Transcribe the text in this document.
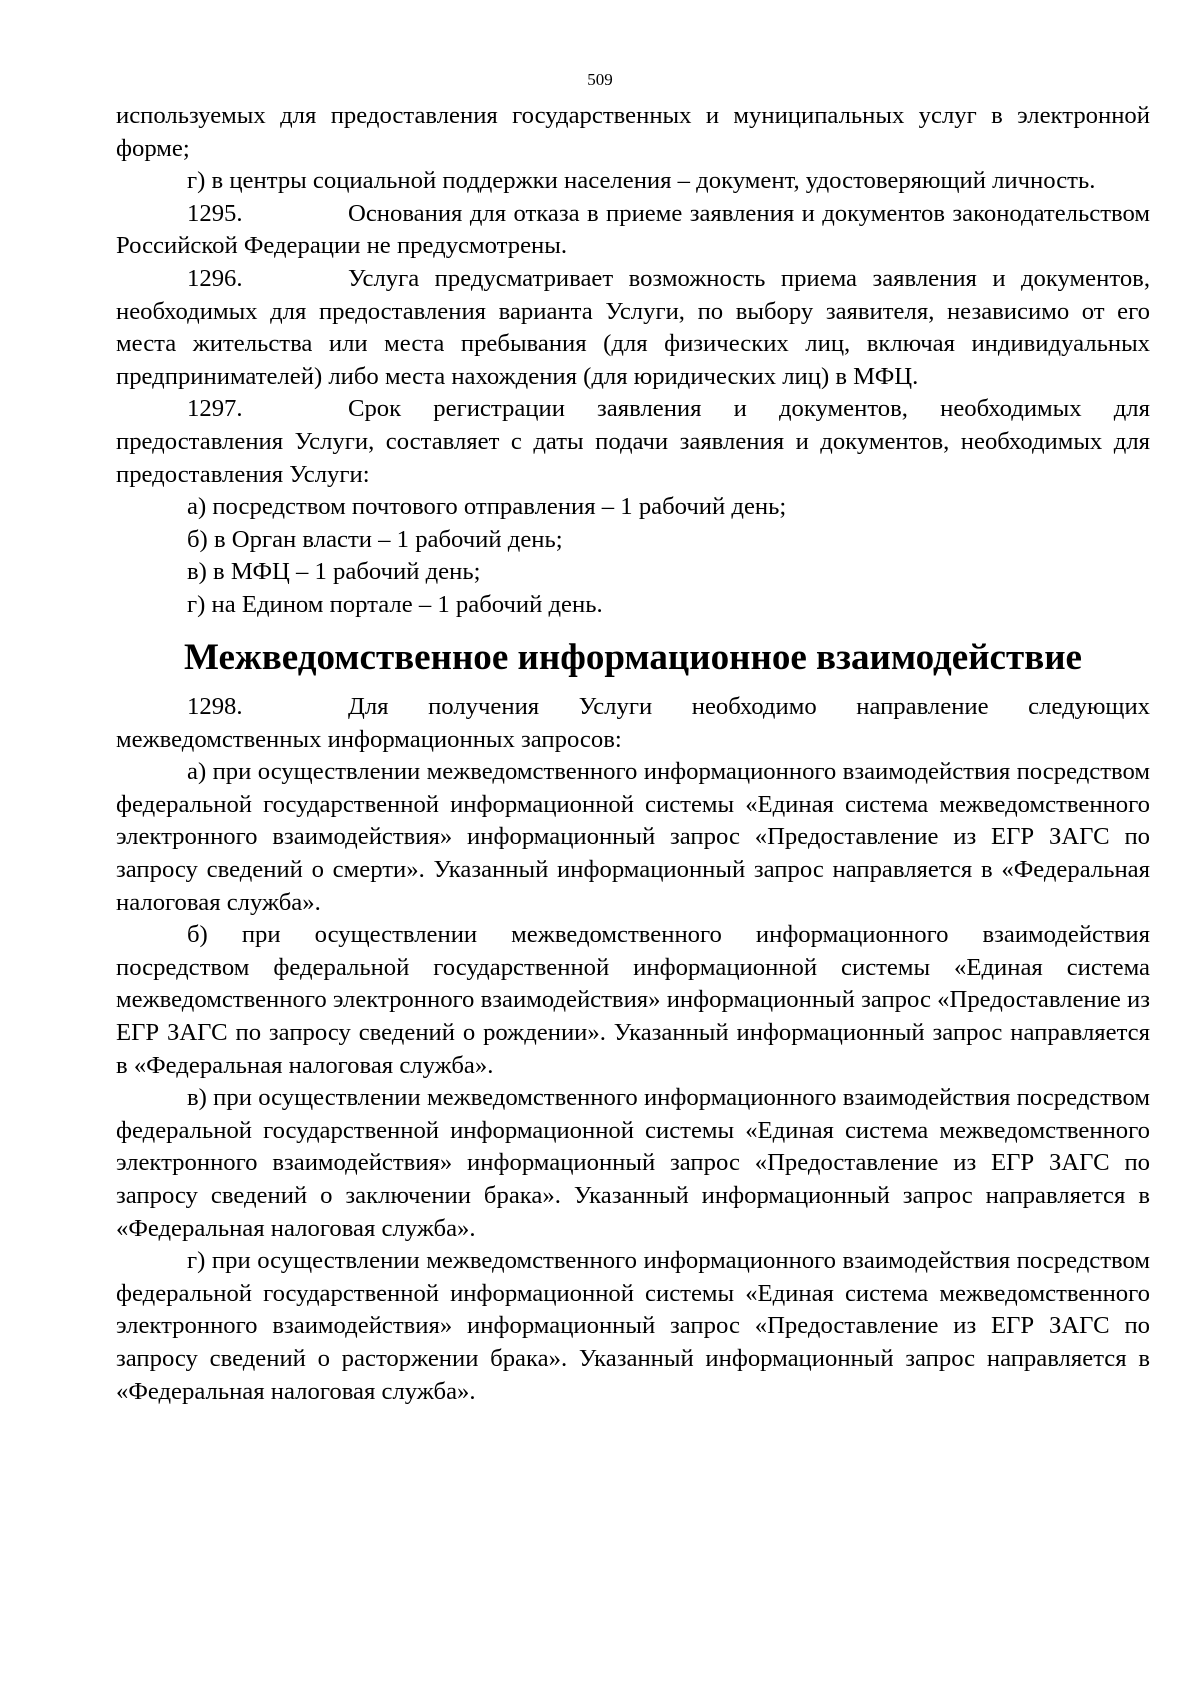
509

используемых для предоставления государственных и муниципальных услуг в электронной форме;

г) в центры социальной поддержки населения – документ, удостоверяющий личность.

1295.	Основания для отказа в приеме заявления и документов законодательством Российской Федерации не предусмотрены.

1296.	Услуга предусматривает возможность приема заявления и документов, необходимых для предоставления варианта Услуги, по выбору заявителя, независимо от его места жительства или места пребывания (для физических лиц, включая индивидуальных предпринимателей) либо места нахождения (для юридических лиц) в МФЦ.

1297.	Срок регистрации заявления и документов, необходимых для предоставления Услуги, составляет с даты подачи заявления и документов, необходимых для предоставления Услуги:

а) посредством почтового отправления – 1 рабочий день;

б) в Орган власти – 1 рабочий день;

в) в МФЦ – 1 рабочий день;

г) на Едином портале – 1 рабочий день.

Межведомственное информационное взаимодействие

1298.	Для получения Услуги необходимо направление следующих межведомственных информационных запросов:

а) при осуществлении межведомственного информационного взаимодействия посредством федеральной государственной информационной системы «Единая система межведомственного электронного взаимодействия» информационный запрос «Предоставление из ЕГР ЗАГС по запросу сведений о смерти». Указанный информационный запрос направляется в «Федеральная налоговая служба».

б) при осуществлении межведомственного информационного взаимодействия посредством федеральной государственной информационной системы «Единая система межведомственного электронного взаимодействия» информационный запрос «Предоставление из ЕГР ЗАГС по запросу сведений о рождении». Указанный информационный запрос направляется в «Федеральная налоговая служба».

в) при осуществлении межведомственного информационного взаимодействия посредством федеральной государственной информационной системы «Единая система межведомственного электронного взаимодействия» информационный запрос «Предоставление из ЕГР ЗАГС по запросу сведений о заключении брака». Указанный информационный запрос направляется в «Федеральная налоговая служба».

г) при осуществлении межведомственного информационного взаимодействия посредством федеральной государственной информационной системы «Единая система межведомственного электронного взаимодействия» информационный запрос «Предоставление из ЕГР ЗАГС по запросу сведений о расторжении брака». Указанный информационный запрос направляется в «Федеральная налоговая служба».
